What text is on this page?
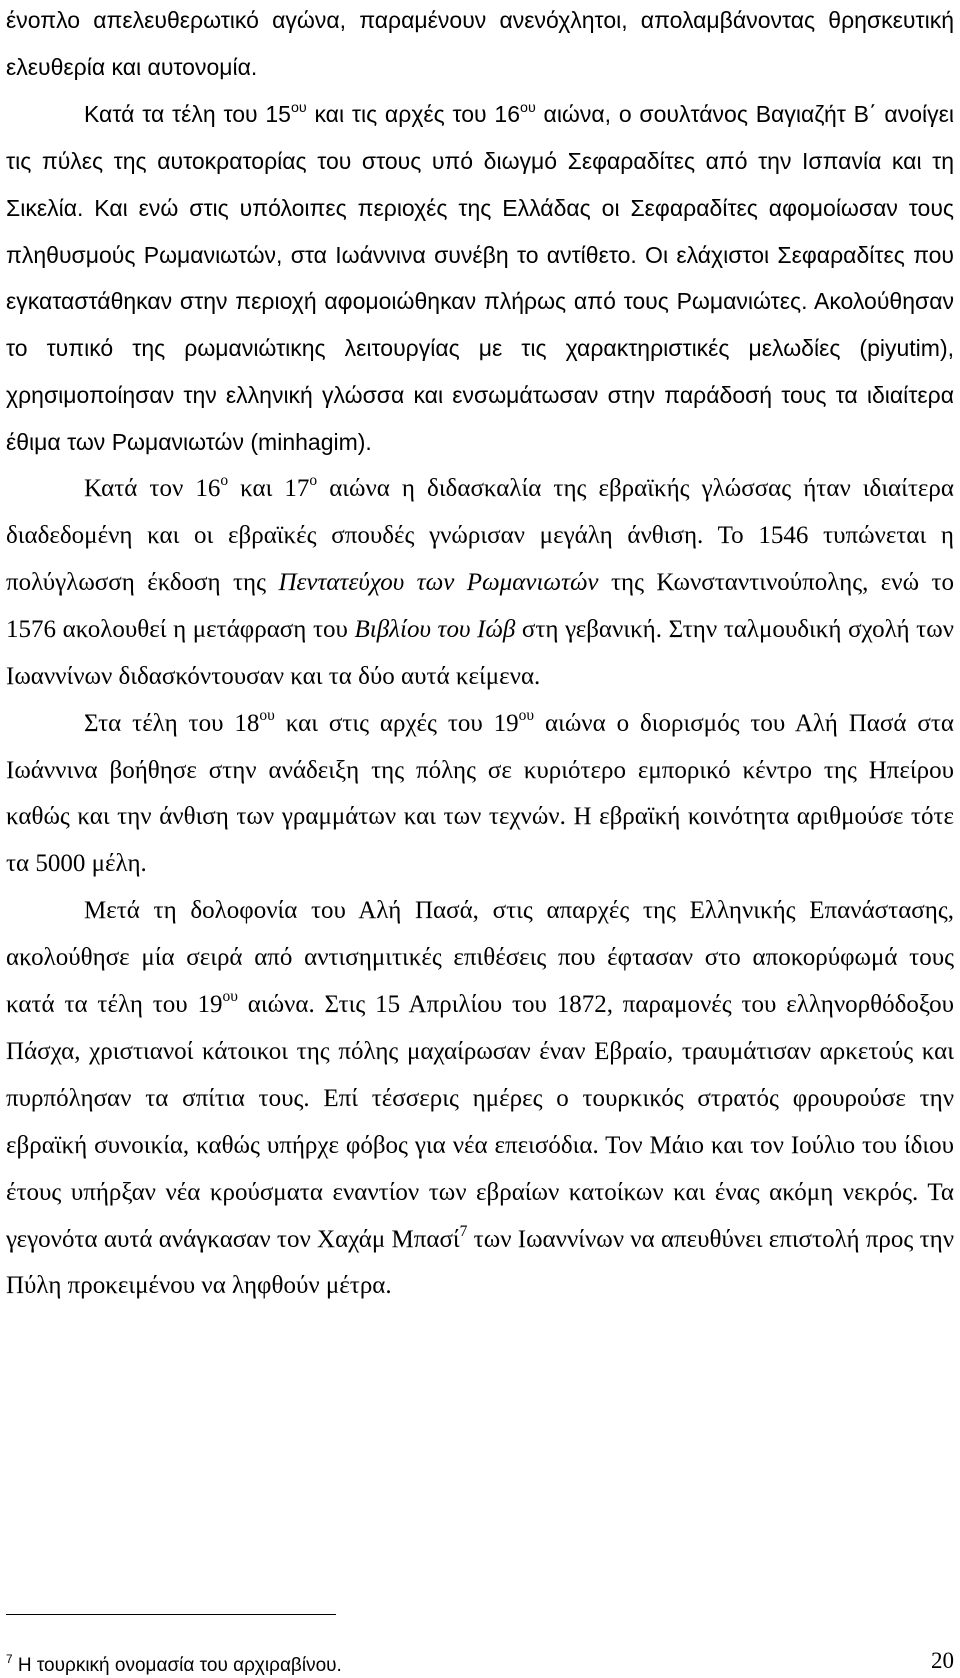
ένοπλο απελευθερωτικό αγώνα, παραμένουν ανενόχλητοι, απολαμβάνοντας θρησκευτική ελευθερία και αυτονομία.

Κατά τα τέλη του $15^{o\upsilon}$ και τις αρχές του $16^{o\upsilon}$ αιώνα, ο σουλτάνος Βαγιαζήτ Β΄ ανοίγει τις πύλες της αυτοκρατορίας του στους υπό διωγμό Σεφαραδίτες από την Ισπανία και τη Σικελία. Και ενώ στις υπόλοιπες περιοχές της Ελλάδας οι Σεφαραδίτες αφομοίωσαν τους πληθυσμούς Ρωμανιωτών, στα Ιωάννινα συνέβη το αντίθετο. Οι ελάχιστοι Σεφαραδίτες που εγκαταστάθηκαν στην περιοχή αφομοιώθηκαν πλήρως από τους Ρωμανιώτες. Ακολούθησαν το τυπικό της ρωμανιώτικης λειτουργίας με τις χαρακτηριστικές μελωδίες (piyutim), χρησιμοποίησαν την ελληνική γλώσσα και ενσωμάτωσαν στην παράδοσή τους τα ιδιαίτερα έθιμα των Ρωμανιωτών (minhagim).

Κατά τον $16^o$ και $17^o$ αιώνα η διδασκαλία της εβραϊκής γλώσσας ήταν ιδιαίτερα διαδεδομένη και οι εβραϊκές σπουδές γνώρισαν μεγάλη άνθιση. Το 1546 τυπώνεται η πολύγλωσση έκδοση της Πεντατεύχου των Ρωμανιωτών της Κωνσταντινούπολης, ενώ το 1576 ακολουθεί η μετάφραση του Βιβλίου του Ιώβ στη γεβανική. Στην ταλμουδική σχολή των Ιωαννίνων διδασκόντουσαν και τα δύο αυτά κείμενα.

Στα τέλη του $18^{o\upsilon}$ και στις αρχές του $19^{o\upsilon}$ αιώνα ο διορισμός του Αλή Πασά στα Ιωάννινα βοήθησε στην ανάδειξη της πόλης σε κυριότερο εμπορικό κέντρο της Ηπείρου καθώς και την άνθιση των γραμμάτων και των τεχνών. Η εβραϊκή κοινότητα αριθμούσε τότε τα 5000 μέλη.

Μετά τη δολοφονία του Αλή Πασά, στις απαρχές της Ελληνικής Επανάστασης, ακολούθησε μία σειρά από αντισημιτικές επιθέσεις που έφτασαν στο αποκορύφωμά τους κατά τα τέλη του $19^{o\upsilon}$ αιώνα. Στις 15 Απριλίου του 1872, παραμονές του ελληνορθόδοξου Πάσχα, χριστιανοί κάτοικοι της πόλης μαχαίρωσαν έναν Εβραίο, τραυμάτισαν αρκετούς και πυρπόλησαν τα σπίτια τους. Επί τέσσερις ημέρες ο τουρκικός στρατός φρουρούσε την εβραϊκή συνοικία, καθώς υπήρχε φόβος για νέα επεισόδια. Τον Μάιο και τον Ιούλιο του ίδιου έτους υπήρξαν νέα κρούσματα εναντίον των εβραίων κατοίκων και ένας ακόμη νεκρός. Τα γεγονότα αυτά ανάγκασαν τον Χαχάμ Μπασί$^7$ των Ιωαννίνων να απευθύνει επιστολή προς την Πύλη προκειμένου να ληφθούν μέτρα.

$^7$ Η τουρκική ονομασία του αρχιραβίνου.	20
